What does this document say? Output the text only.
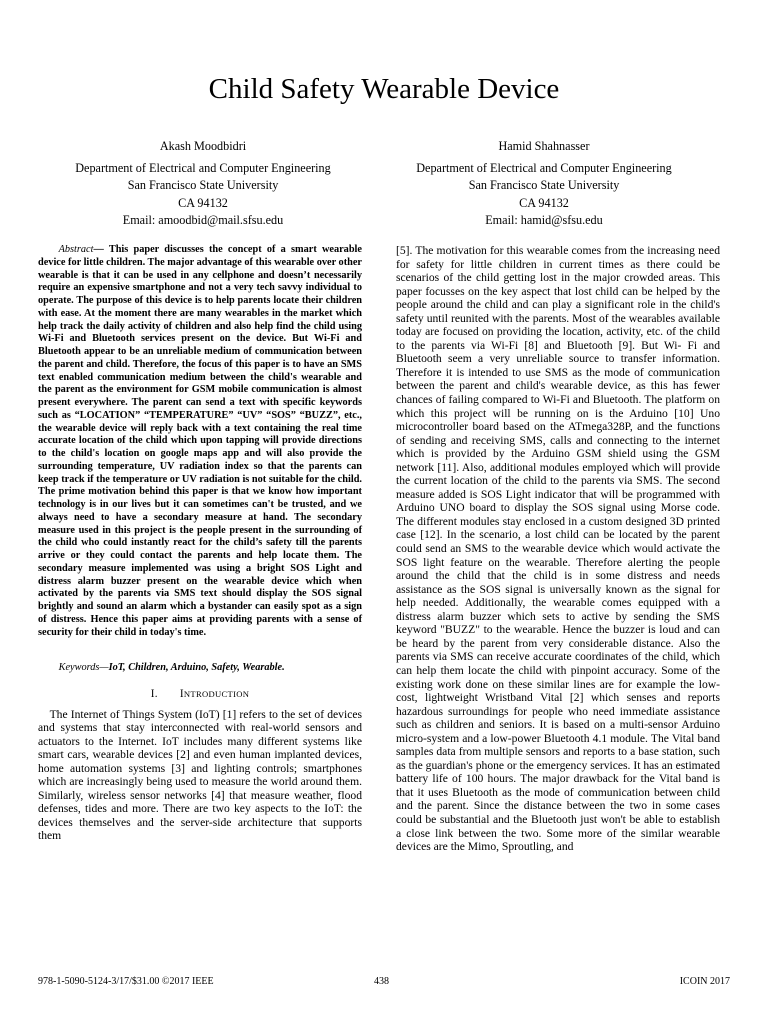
Child Safety Wearable Device
Akash Moodbidri
Department of Electrical and Computer Engineering
San Francisco State University
CA 94132
Email: amoodbid@mail.sfsu.edu
Hamid Shahnasser
Department of Electrical and Computer Engineering
San Francisco State University
CA 94132
Email: hamid@sfsu.edu

Abstract— This paper discusses the concept of a smart wearable device for little children. The major advantage of this wearable over other wearable is that it can be used in any cellphone and doesn’t necessarily require an expensive smartphone and not a very tech savvy individual to operate. The purpose of this device is to help parents locate their children with ease. At the moment there are many wearables in the market which help track the daily activity of children and also help find the child using Wi-Fi and Bluetooth services present on the device. But Wi-Fi and Bluetooth appear to be an unreliable medium of communication between the parent and child. Therefore, the focus of this paper is to have an SMS text enabled communication medium between the child's wearable and the parent as the environment for GSM mobile communication is almost present everywhere. The parent can send a text with specific keywords such as “LOCATION” “TEMPERATURE” “UV” “SOS” “BUZZ”, etc., the wearable device will reply back with a text containing the real time accurate location of the child which upon tapping will provide directions to the child's location on google maps app and will also provide the surrounding temperature, UV radiation index so that the parents can keep track if the temperature or UV radiation is not suitable for the child. The prime motivation behind this paper is that we know how important technology is in our lives but it can sometimes can't be trusted, and we always need to have a secondary measure at hand. The secondary measure used in this project is the people present in the surrounding of the child who could instantly react for the child’s safety till the parents arrive or they could contact the parents and help locate them. The secondary measure implemented was using a bright SOS Light and distress alarm buzzer present on the wearable device which when activated by the parents via SMS text should display the SOS signal brightly and sound an alarm which a bystander can easily spot as a sign of distress. Hence this paper aims at providing parents with a sense of security for their child in today's time.

Keywords—IoT, Children, Arduino, Safety, Wearable.

I. INTRODUCTION

The Internet of Things System (IoT) [1] refers to the set of devices and systems that stay interconnected with real-world sensors and actuators to the Internet. IoT includes many different systems like smart cars, wearable devices [2] and even human implanted devices, home automation systems [3] and lighting controls; smartphones which are increasingly being used to measure the world around them. Similarly, wireless sensor networks [4] that measure weather, flood defenses, tides and more. There are two key aspects to the IoT: the devices themselves and the server-side architecture that supports them

[5]. The motivation for this wearable comes from the increasing need for safety for little children in current times as there could be scenarios of the child getting lost in the major crowded areas. This paper focusses on the key aspect that lost child can be helped by the people around the child and can play a significant role in the child's safety until reunited with the parents. Most of the wearables available today are focused on providing the location, activity, etc. of the child to the parents via Wi-Fi [8] and Bluetooth [9]. But Wi- Fi and Bluetooth seem a very unreliable source to transfer information. Therefore it is intended to use SMS as the mode of communication between the parent and child's wearable device, as this has fewer chances of failing compared to Wi-Fi and Bluetooth. The platform on which this project will be running on is the Arduino [10] Uno microcontroller board based on the ATmega328P, and the functions of sending and receiving SMS, calls and connecting to the internet which is provided by the Arduino GSM shield using the GSM network [11]. Also, additional modules employed which will provide the current location of the child to the parents via SMS. The second measure added is SOS Light indicator that will be programmed with Arduino UNO board to display the SOS signal using Morse code. The different modules stay enclosed in a custom designed 3D printed case [12]. In the scenario, a lost child can be located by the parent could send an SMS to the wearable device which would activate the SOS light feature on the wearable. Therefore alerting the people around the child that the child is in some distress and needs assistance as the SOS signal is universally known as the signal for help needed. Additionally, the wearable comes equipped with a distress alarm buzzer which sets to active by sending the SMS keyword "BUZZ" to the wearable. Hence the buzzer is loud and can be heard by the parent from very considerable distance. Also the parents via SMS can receive accurate coordinates of the child, which can help them locate the child with pinpoint accuracy. Some of the existing work done on these similar lines are for example the low-cost, lightweight Wristband Vital [2] which senses and reports hazardous surroundings for people who need immediate assistance such as children and seniors. It is based on a multi-sensor Arduino micro-system and a low-power Bluetooth 4.1 module. The Vital band samples data from multiple sensors and reports to a base station, such as the guardian's phone or the emergency services. It has an estimated battery life of 100 hours. The major drawback for the Vital band is that it uses Bluetooth as the mode of communication between child and the parent. Since the distance between the two in some cases could be substantial and the Bluetooth just won't be able to establish a close link between the two. Some more of the similar wearable devices are the Mimo, Sproutling, and

978-1-5090-5124-3/17/$31.00 ©2017 IEEE	438	ICOIN 2017
